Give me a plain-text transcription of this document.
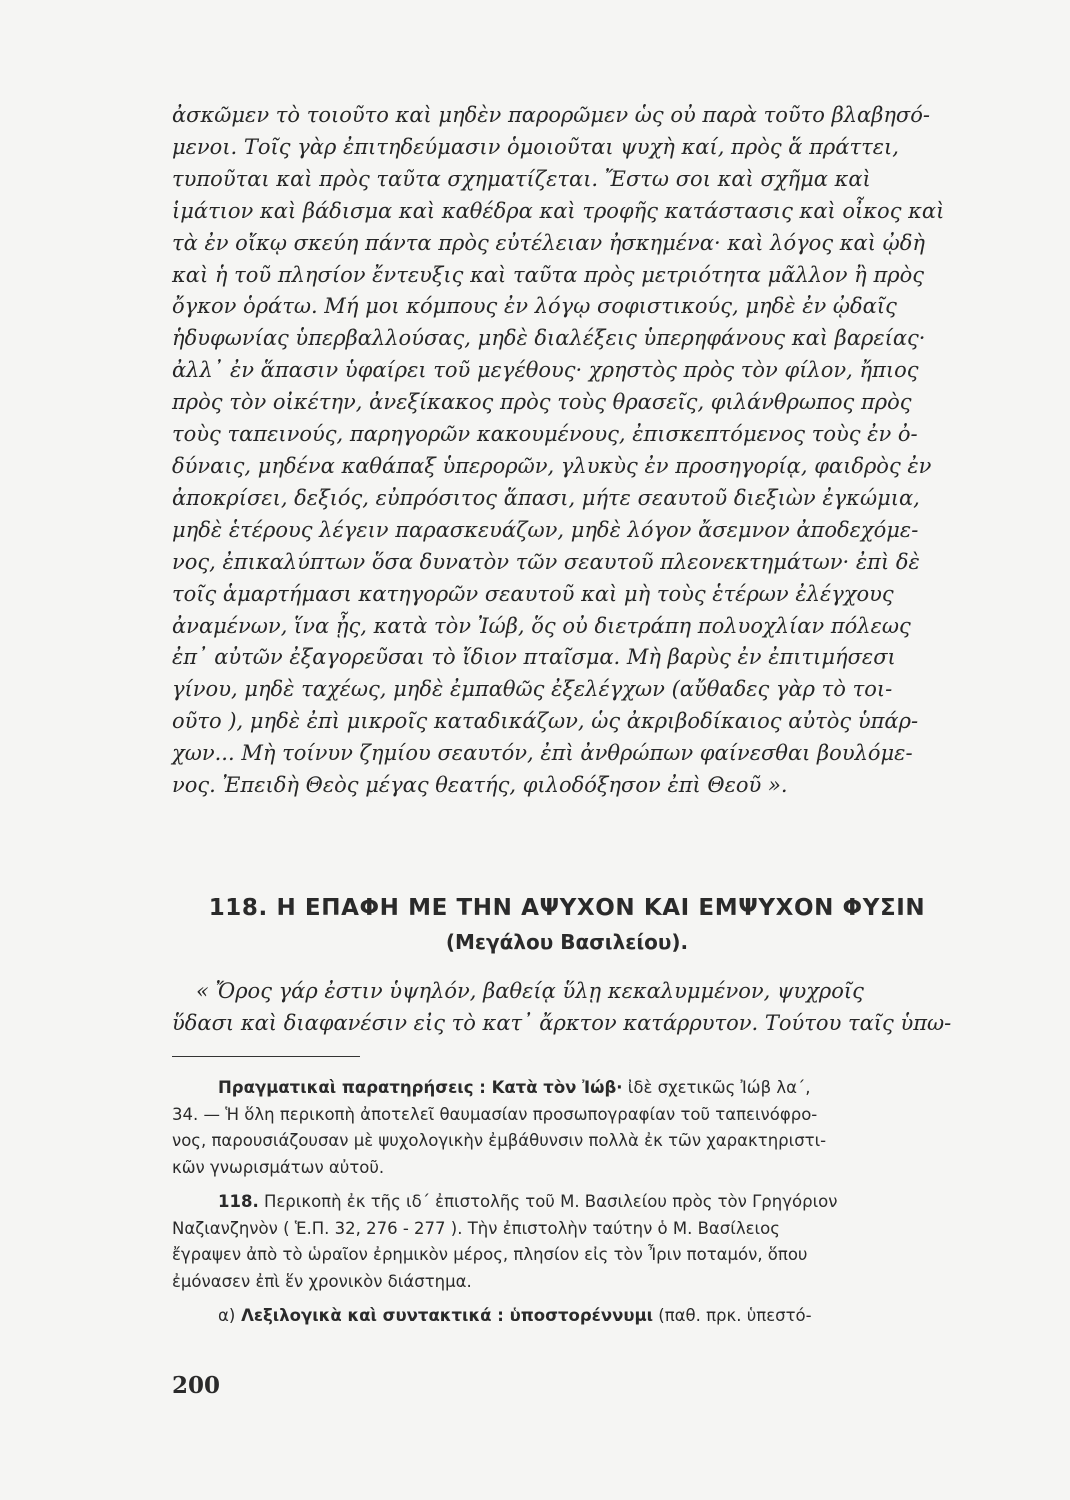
ἀσκῶμεν τὸ τοιοῦτο καὶ μηδὲν παρορῶμεν ὡς οὐ παρὰ τοῦτο βλαβησό-
μενοι. Τοῖς γὰρ ἐπιτηδεύμασιν ὁμοιοῦται ψυχὴ καί, πρὸς ἅ πράττει,
τυποῦται καὶ πρὸς ταῦτα σχηματίζεται. Ἔστω σοι καὶ σχῆμα καὶ
ἱμάτιον καὶ βάδισμα καὶ καθέδρα καὶ τροφῆς κατάστασις καὶ οἶκος καὶ
τὰ ἐν οἴκῳ σκεύη πάντα πρὸς εὐτέλειαν ἠσκημένα· καὶ λόγος καὶ ᾠδὴ
καὶ ἡ τοῦ πλησίον ἔντευξις καὶ ταῦτα πρὸς μετριότητα μᾶλλον ἢ πρὸς
ὄγκον ὁράτω. Μή μοι κόμπους ἐν λόγῳ σοφιστικούς, μηδὲ ἐν ᾠδαῖς
ἡδυφωνίας ὑπερβαλλούσας, μηδὲ διαλέξεις ὑπερηφάνους καὶ βαρείας·
ἀλλ᾽ ἐν ἅπασιν ὑφαίρει τοῦ μεγέθους· χρηστὸς πρὸς τὸν φίλον, ἤπιος
πρὸς τὸν οἰκέτην, ἀνεξίκακος πρὸς τοὺς θρασεῖς, φιλάνθρωπος πρὸς
τοὺς ταπεινούς, παρηγορῶν κακουμένους, ἐπισκεπτόμενος τοὺς ἐν ὀ-
δύναις, μηδένα καθάπαξ ὑπερορῶν, γλυκὺς ἐν προσηγορίᾳ, φαιδρὸς ἐν
ἀποκρίσει, δεξιός, εὐπρόσιτος ἅπασι, μήτε σεαυτοῦ διεξιὼν ἐγκώμια,
μηδὲ ἑτέρους λέγειν παρασκευάζων, μηδὲ λόγον ἄσεμνον ἀποδεχόμε-
νος, ἐπικαλύπτων ὅσα δυνατὸν τῶν σεαυτοῦ πλεονεκτημάτων· ἐπὶ δὲ
τοῖς ἁμαρτήμασι κατηγορῶν σεαυτοῦ καὶ μὴ τοὺς ἑτέρων ἐλέγχους
ἀναμένων, ἵνα ᾖς, κατὰ τὸν Ἰώβ, ὅς οὐ διετράπη πολυοχλίαν πόλεως
ἐπ᾽ αὐτῶν ἐξαγορεῦσαι τὸ ἴδιον πταῖσμα. Μὴ βαρὺς ἐν ἐπιτιμήσεσι
γίνου, μηδὲ ταχέως, μηδὲ ἐμπαθῶς ἐξελέγχων (αὔθαδες γὰρ τὸ τοι-
οῦτο ), μηδὲ ἐπὶ μικροῖς καταδικάζων, ὡς ἀκριβοδίκαιος αὐτὸς ὑπάρ-
χων... Μὴ τοίνυν ζημίου σεαυτόν, ἐπὶ ἀνθρώπων φαίνεσθαι βουλόμε-
νος. Ἐπειδὴ Θεὸς μέγας θεατής, φιλοδόξησον ἐπὶ Θεοῦ ».
118. Η ΕΠΑΦΗ ΜΕ ΤΗΝ ΑΨΥΧΟΝ ΚΑΙ ΕΜΨΥΧΟΝ ΦΥΣΙΝ
(Μεγάλου Βασιλείου).
« Ὄρος γάρ ἐστιν ὑψηλόν, βαθείᾳ ὕλῃ κεκαλυμμένον, ψυχροῖς
ὕδασι καὶ διαφανέσιν εἰς τὸ κατ᾽ ἄρκτον κατάρρυτον. Τούτου ταῖς ὑπω-
Πραγματικαὶ παρατηρήσεις : Κατὰ τὸν Ἰώβ· ἰδὲ σχετικῶς Ἰώβ λα΄,
34. — Ἡ ὅλη περικοπὴ ἀποτελεῖ θαυμασίαν προσωπογραφίαν τοῦ ταπεινόφρο-
νος, παρουσιάζουσαν μὲ ψυχολογικὴν ἐμβάθυνσιν πολλὰ ἐκ τῶν χαρακτηριστι-
κῶν γνωρισμάτων αὐτοῦ.
118. Περικοπὴ ἐκ τῆς ιδ΄ ἐπιστολῆς τοῦ Μ. Βασιλείου πρὸς τὸν Γρηγόριον
Ναζιανζηνὸν ( Ἑ.Π. 32, 276 - 277 ). Τὴν ἐπιστολὴν ταύτην ὁ Μ. Βασίλειος
ἔγραψεν ἀπὸ τὸ ὡραῖον ἐρημικὸν μέρος, πλησίον εἰς τὸν Ἶριν ποταμόν, ὅπου
ἐμόνασεν ἐπὶ ἕν χρονικὸν διάστημα.
α) Λεξιλογικὰ καὶ συντακτικά : ὑποστορέννυμι (παθ. πρκ. ὑπεστό-
200
